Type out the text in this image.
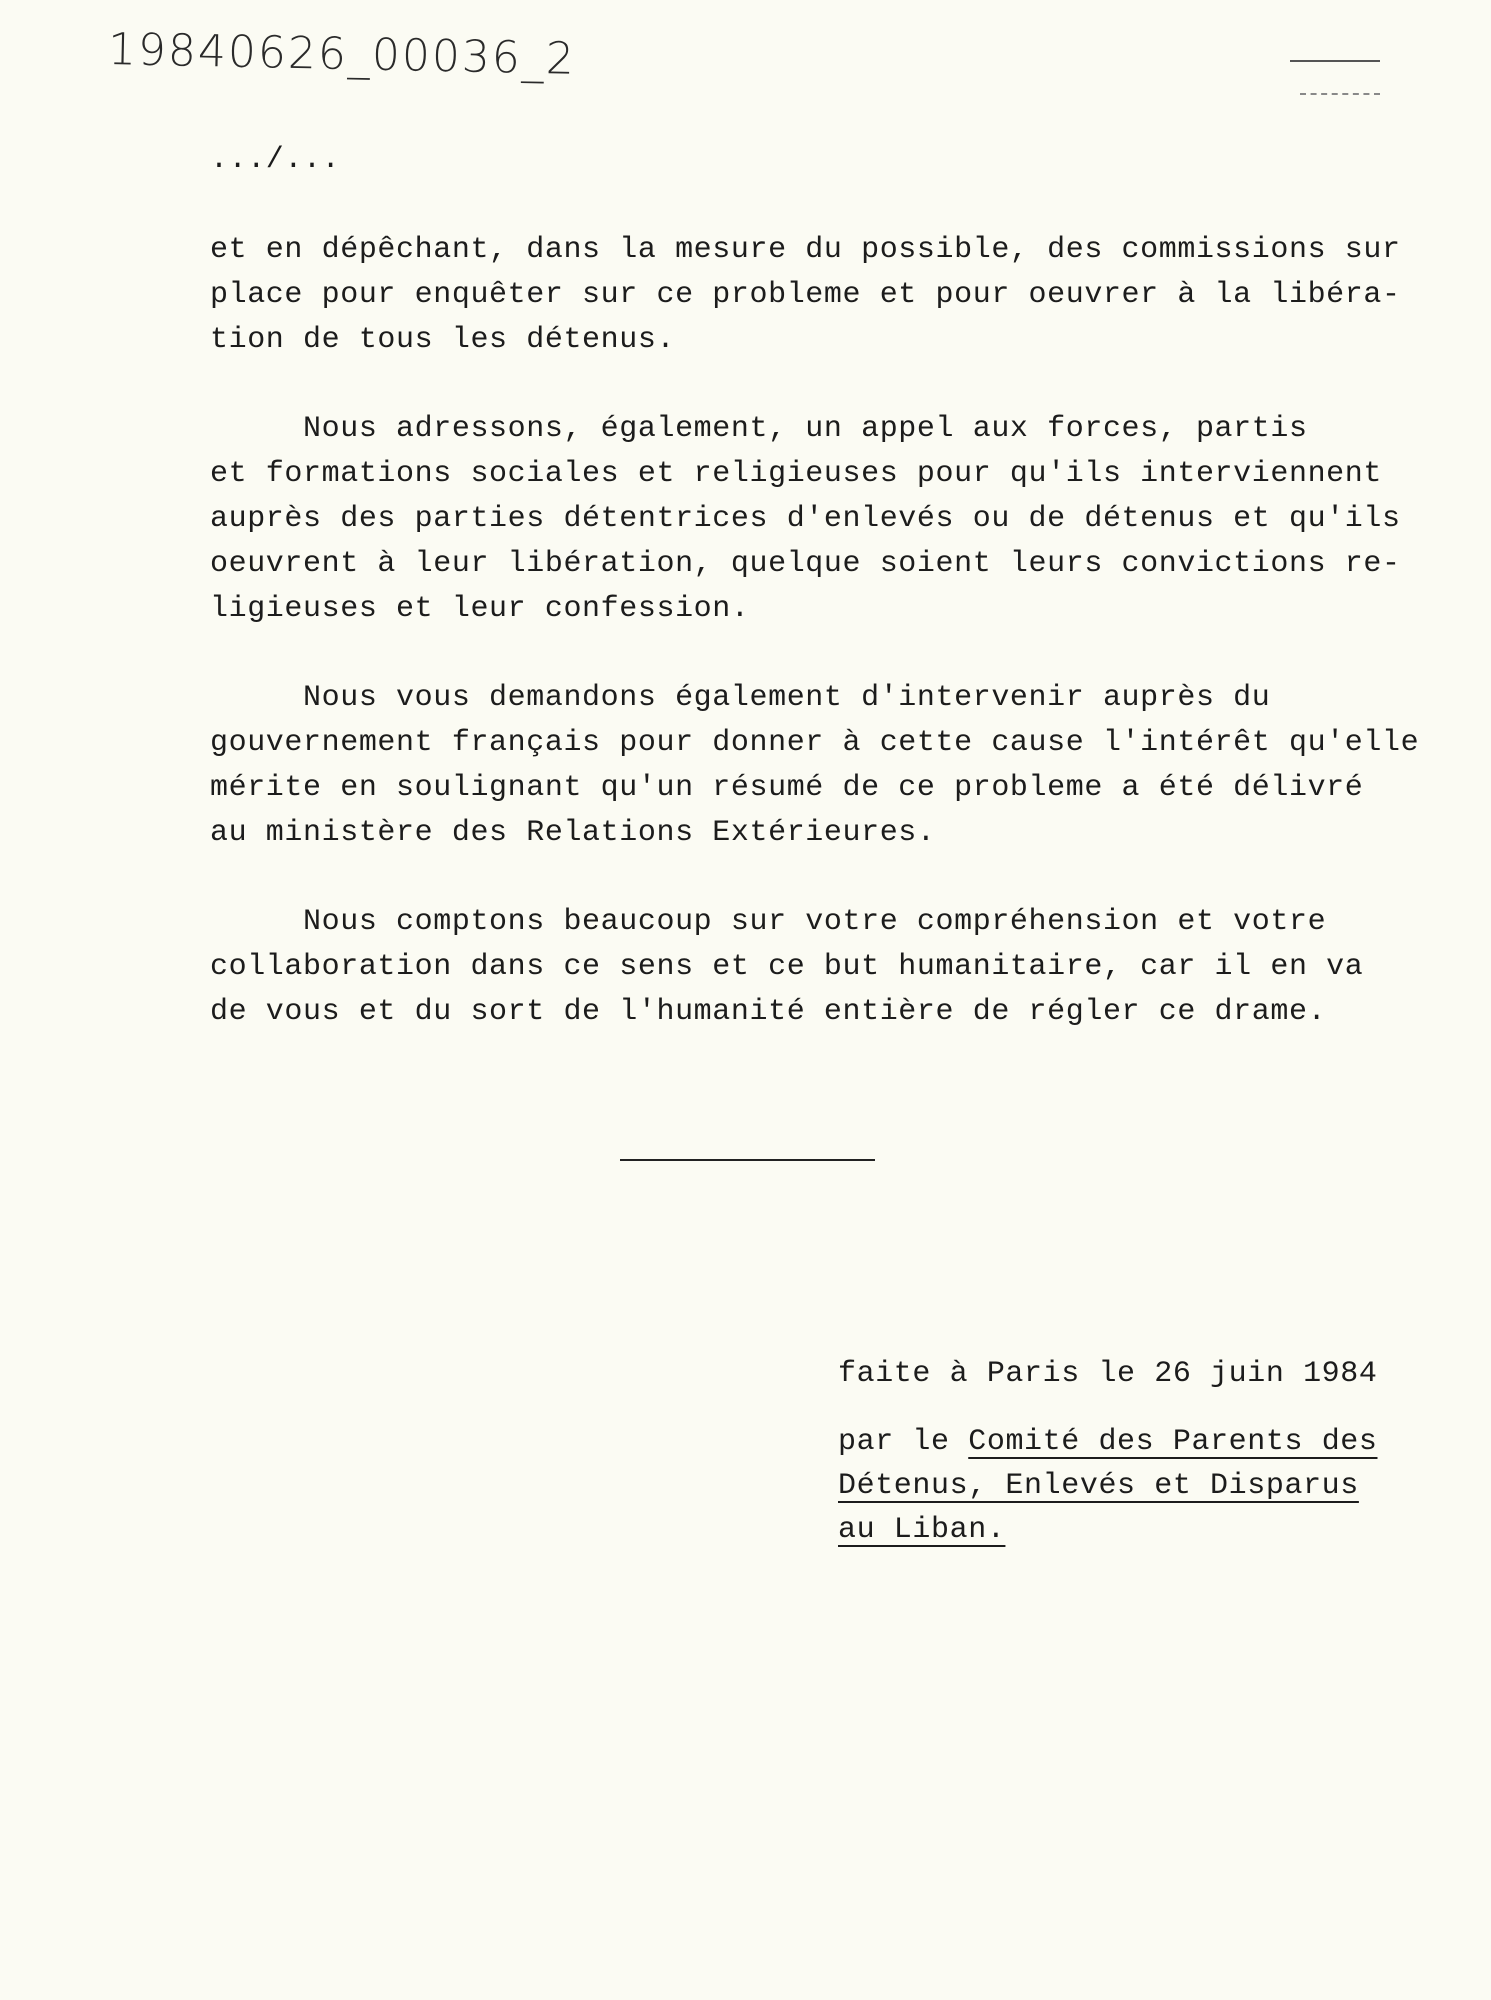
19840626_00036_2

.../...

et en dépêchant, dans la mesure du possible, des commissions sur

place pour enquêter sur ce probleme et pour oeuvrer à la libéra-

tion de tous les détenus.

Nous adressons, également, un appel aux forces, partis

et formations sociales et religieuses pour qu'ils interviennent

auprès des parties détentrices d'enlevés ou de détenus et qu'ils

oeuvrent à leur libération, quelque soient leurs convictions re-

ligieuses et leur confession.

Nous vous demandons également d'intervenir auprès du

gouvernement français pour donner à cette cause l'intérêt qu'elle

mérite en soulignant qu'un résumé de ce probleme a été délivré

au ministère des Relations Extérieures.

Nous comptons beaucoup sur votre compréhension et votre

collaboration dans ce sens et ce but humanitaire, car il en va

de vous et du sort de l'humanité entière de régler ce drame.

faite à Paris le 26 juin 1984

par le Comité des Parents des

Détenus, Enlevés et Disparus

au Liban.
